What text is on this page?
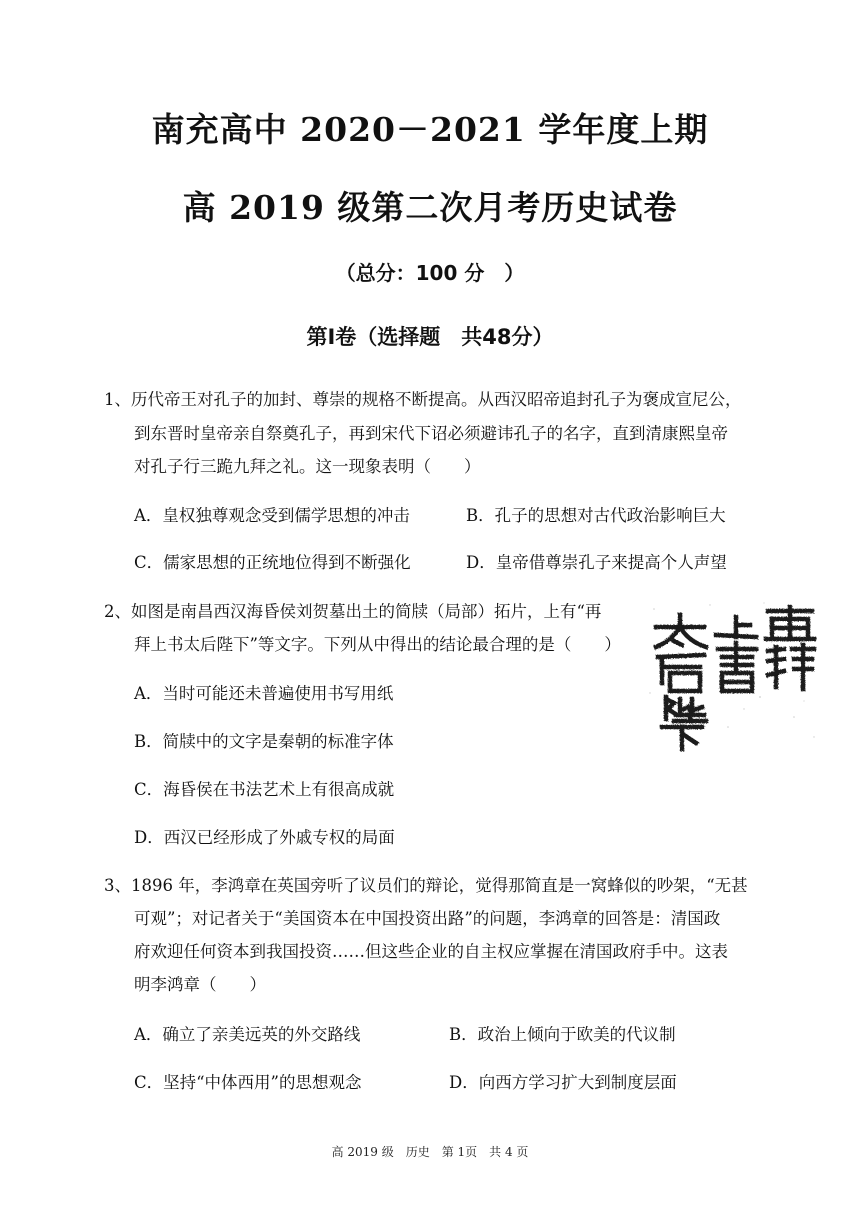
南充高中 2020－2021 学年度上期
高 2019 级第二次月考历史试卷
（总分：100 分　）
第Ⅰ卷（选择题　共48分）
1、历代帝王对孔子的加封、尊崇的规格不断提高。从西汉昭帝追封孔子为褒成宣尼公，
到东晋时皇帝亲自祭奠孔子，再到宋代下诏必须避讳孔子的名字，直到清康熙皇帝
对孔子行三跪九拜之礼。这一现象表明（　　）
A．皇权独尊观念受到儒学思想的冲击	B．孔子的思想对古代政治影响巨大
C．儒家思想的正统地位得到不断强化	D．皇帝借尊崇孔子来提高个人声望
2、如图是南昌西汉海昏侯刘贺墓出土的简牍（局部）拓片，上有“再
拜上书太后陛下”等文字。下列从中得出的结论最合理的是（　　）
A．当时可能还未普遍使用书写用纸
B．简牍中的文字是秦朝的标准字体
C．海昏侯在书法艺术上有很高成就
D．西汉已经形成了外戚专权的局面
3、1896 年，李鸿章在英国旁听了议员们的辩论，觉得那简直是一窝蜂似的吵架，“无甚
可观”；对记者关于“美国资本在中国投资出路”的问题，李鸿章的回答是：清国政
府欢迎任何资本到我国投资……但这些企业的自主权应掌握在清国政府手中。这表
明李鸿章（　　）
A．确立了亲美远英的外交路线	B．政治上倾向于欧美的代议制
C．坚持“中体西用”的思想观念	D．向西方学习扩大到制度层面
高 2019 级　历史　第 1页　共 4 页
